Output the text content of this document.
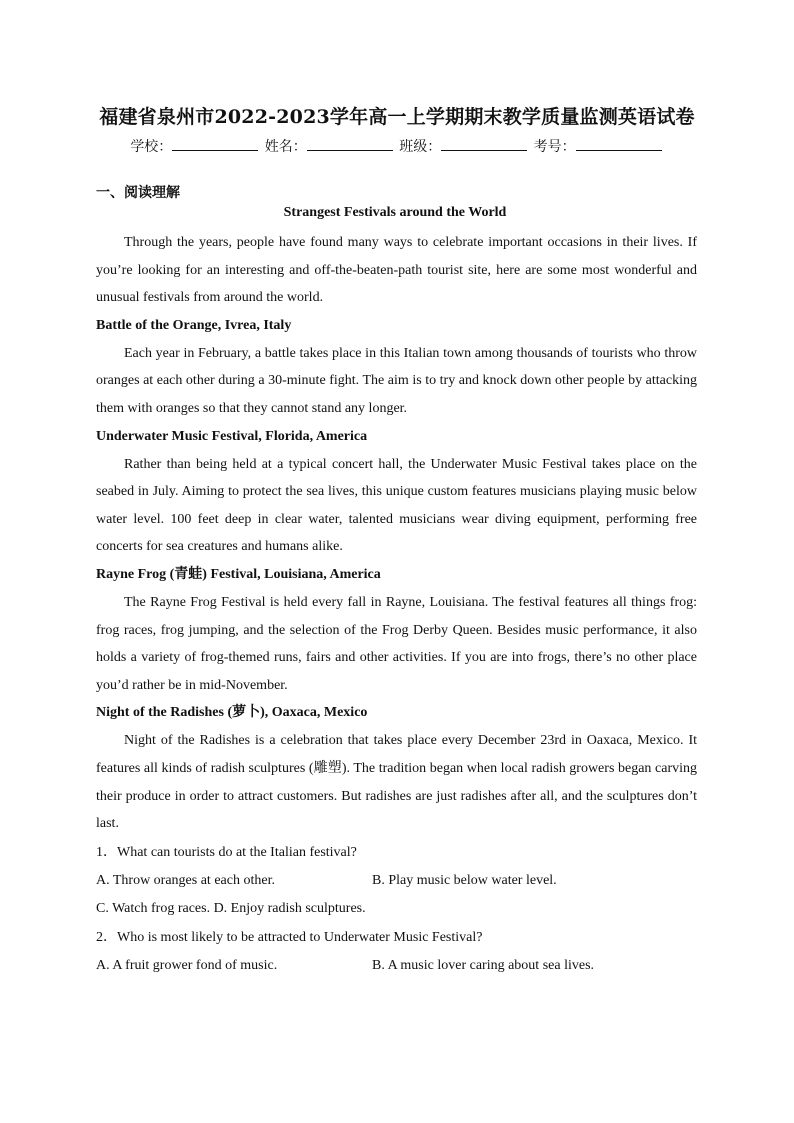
福建省泉州市2022-2023学年高一上学期期末教学质量监测英语试卷
学校：	姓名：	班级：	考号：
一、阅读理解
Strangest Festivals around the World

Through the years, people have found many ways to celebrate important occasions in their lives. If you’re looking for an interesting and off-the-beaten-path tourist site, here are some most wonderful and unusual festivals from around the world.

Battle of the Orange, Ivrea, Italy

Each year in February, a battle takes place in this Italian town among thousands of tourists who throw oranges at each other during a 30-minute fight. The aim is to try and knock down other people by attacking them with oranges so that they cannot stand any longer.

Underwater Music Festival, Florida, America

Rather than being held at a typical concert hall, the Underwater Music Festival takes place on the seabed in July. Aiming to protect the sea lives, this unique custom features musicians playing music below water level. 100 feet deep in clear water, talented musicians wear diving equipment, performing free concerts for sea creatures and humans alike.

Rayne Frog (青蛙) Festival, Louisiana, America

The Rayne Frog Festival is held every fall in Rayne, Louisiana. The festival features all things frog: frog races, frog jumping, and the selection of the Frog Derby Queen. Besides music performance, it also holds a variety of frog-themed runs, fairs and other activities. If you are into frogs, there’s no other place you’d rather be in mid-November.

Night of the Radishes (萝卜), Oaxaca, Mexico

Night of the Radishes is a celebration that takes place every December 23rd in Oaxaca, Mexico. It features all kinds of radish sculptures (雕塑). The tradition began when local radish growers began carving their produce in order to attract customers. But radishes are just radishes after all, and the sculptures don’t last.

1．What can tourists do at the Italian festival?

A. Throw oranges at each other.	B. Play music below water level.
C. Watch frog races. D. Enjoy radish sculptures.

2．Who is most likely to be attracted to Underwater Music Festival?

A. A fruit grower fond of music.	B. A music lover caring about sea lives.
